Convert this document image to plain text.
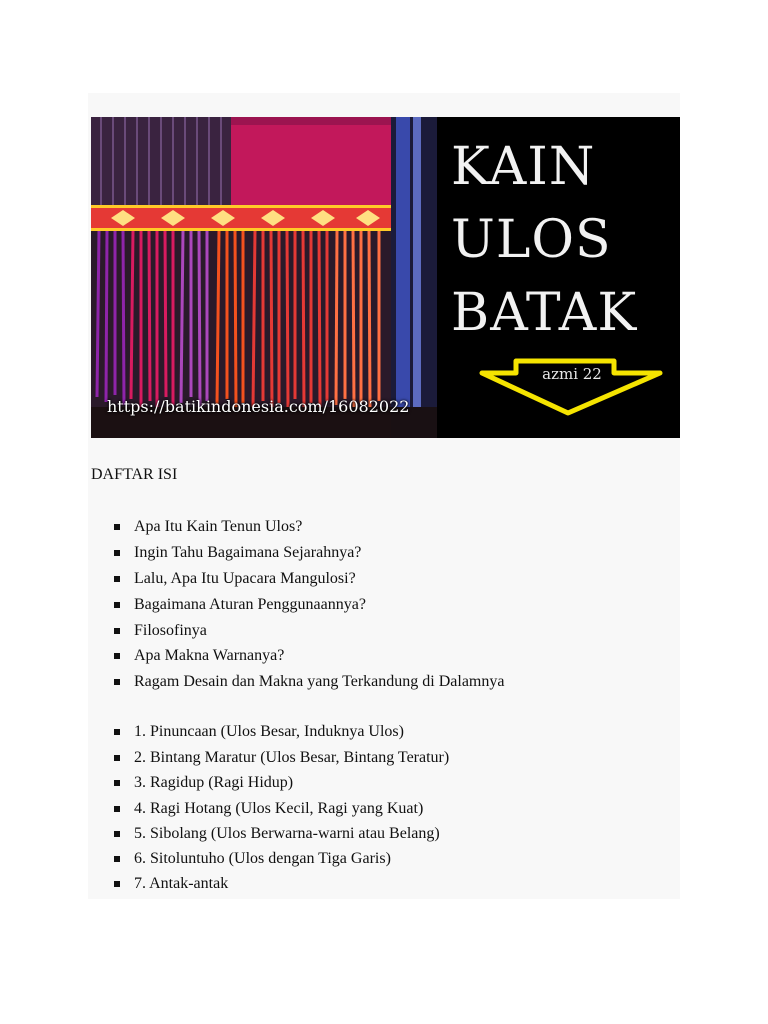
KAIN
ULOS
BATAK
azmi 22
https://batikindonesia.com/16082022
DAFTAR ISI
Apa Itu Kain Tenun Ulos?
Ingin Tahu Bagaimana Sejarahnya?
Lalu, Apa Itu Upacara Mangulosi?
Bagaimana Aturan Penggunaannya?
Filosofinya
Apa Makna Warnanya?
Ragam Desain dan Makna yang Terkandung di Dalamnya
1. Pinuncaan (Ulos Besar, Induknya Ulos)
2. Bintang Maratur (Ulos Besar, Bintang Teratur)
3. Ragidup (Ragi Hidup)
4. Ragi Hotang (Ulos Kecil, Ragi yang Kuat)
5. Sibolang (Ulos Berwarna-warni atau Belang)
6. Sitoluntuho (Ulos dengan Tiga Garis)
7. Antak-antak
